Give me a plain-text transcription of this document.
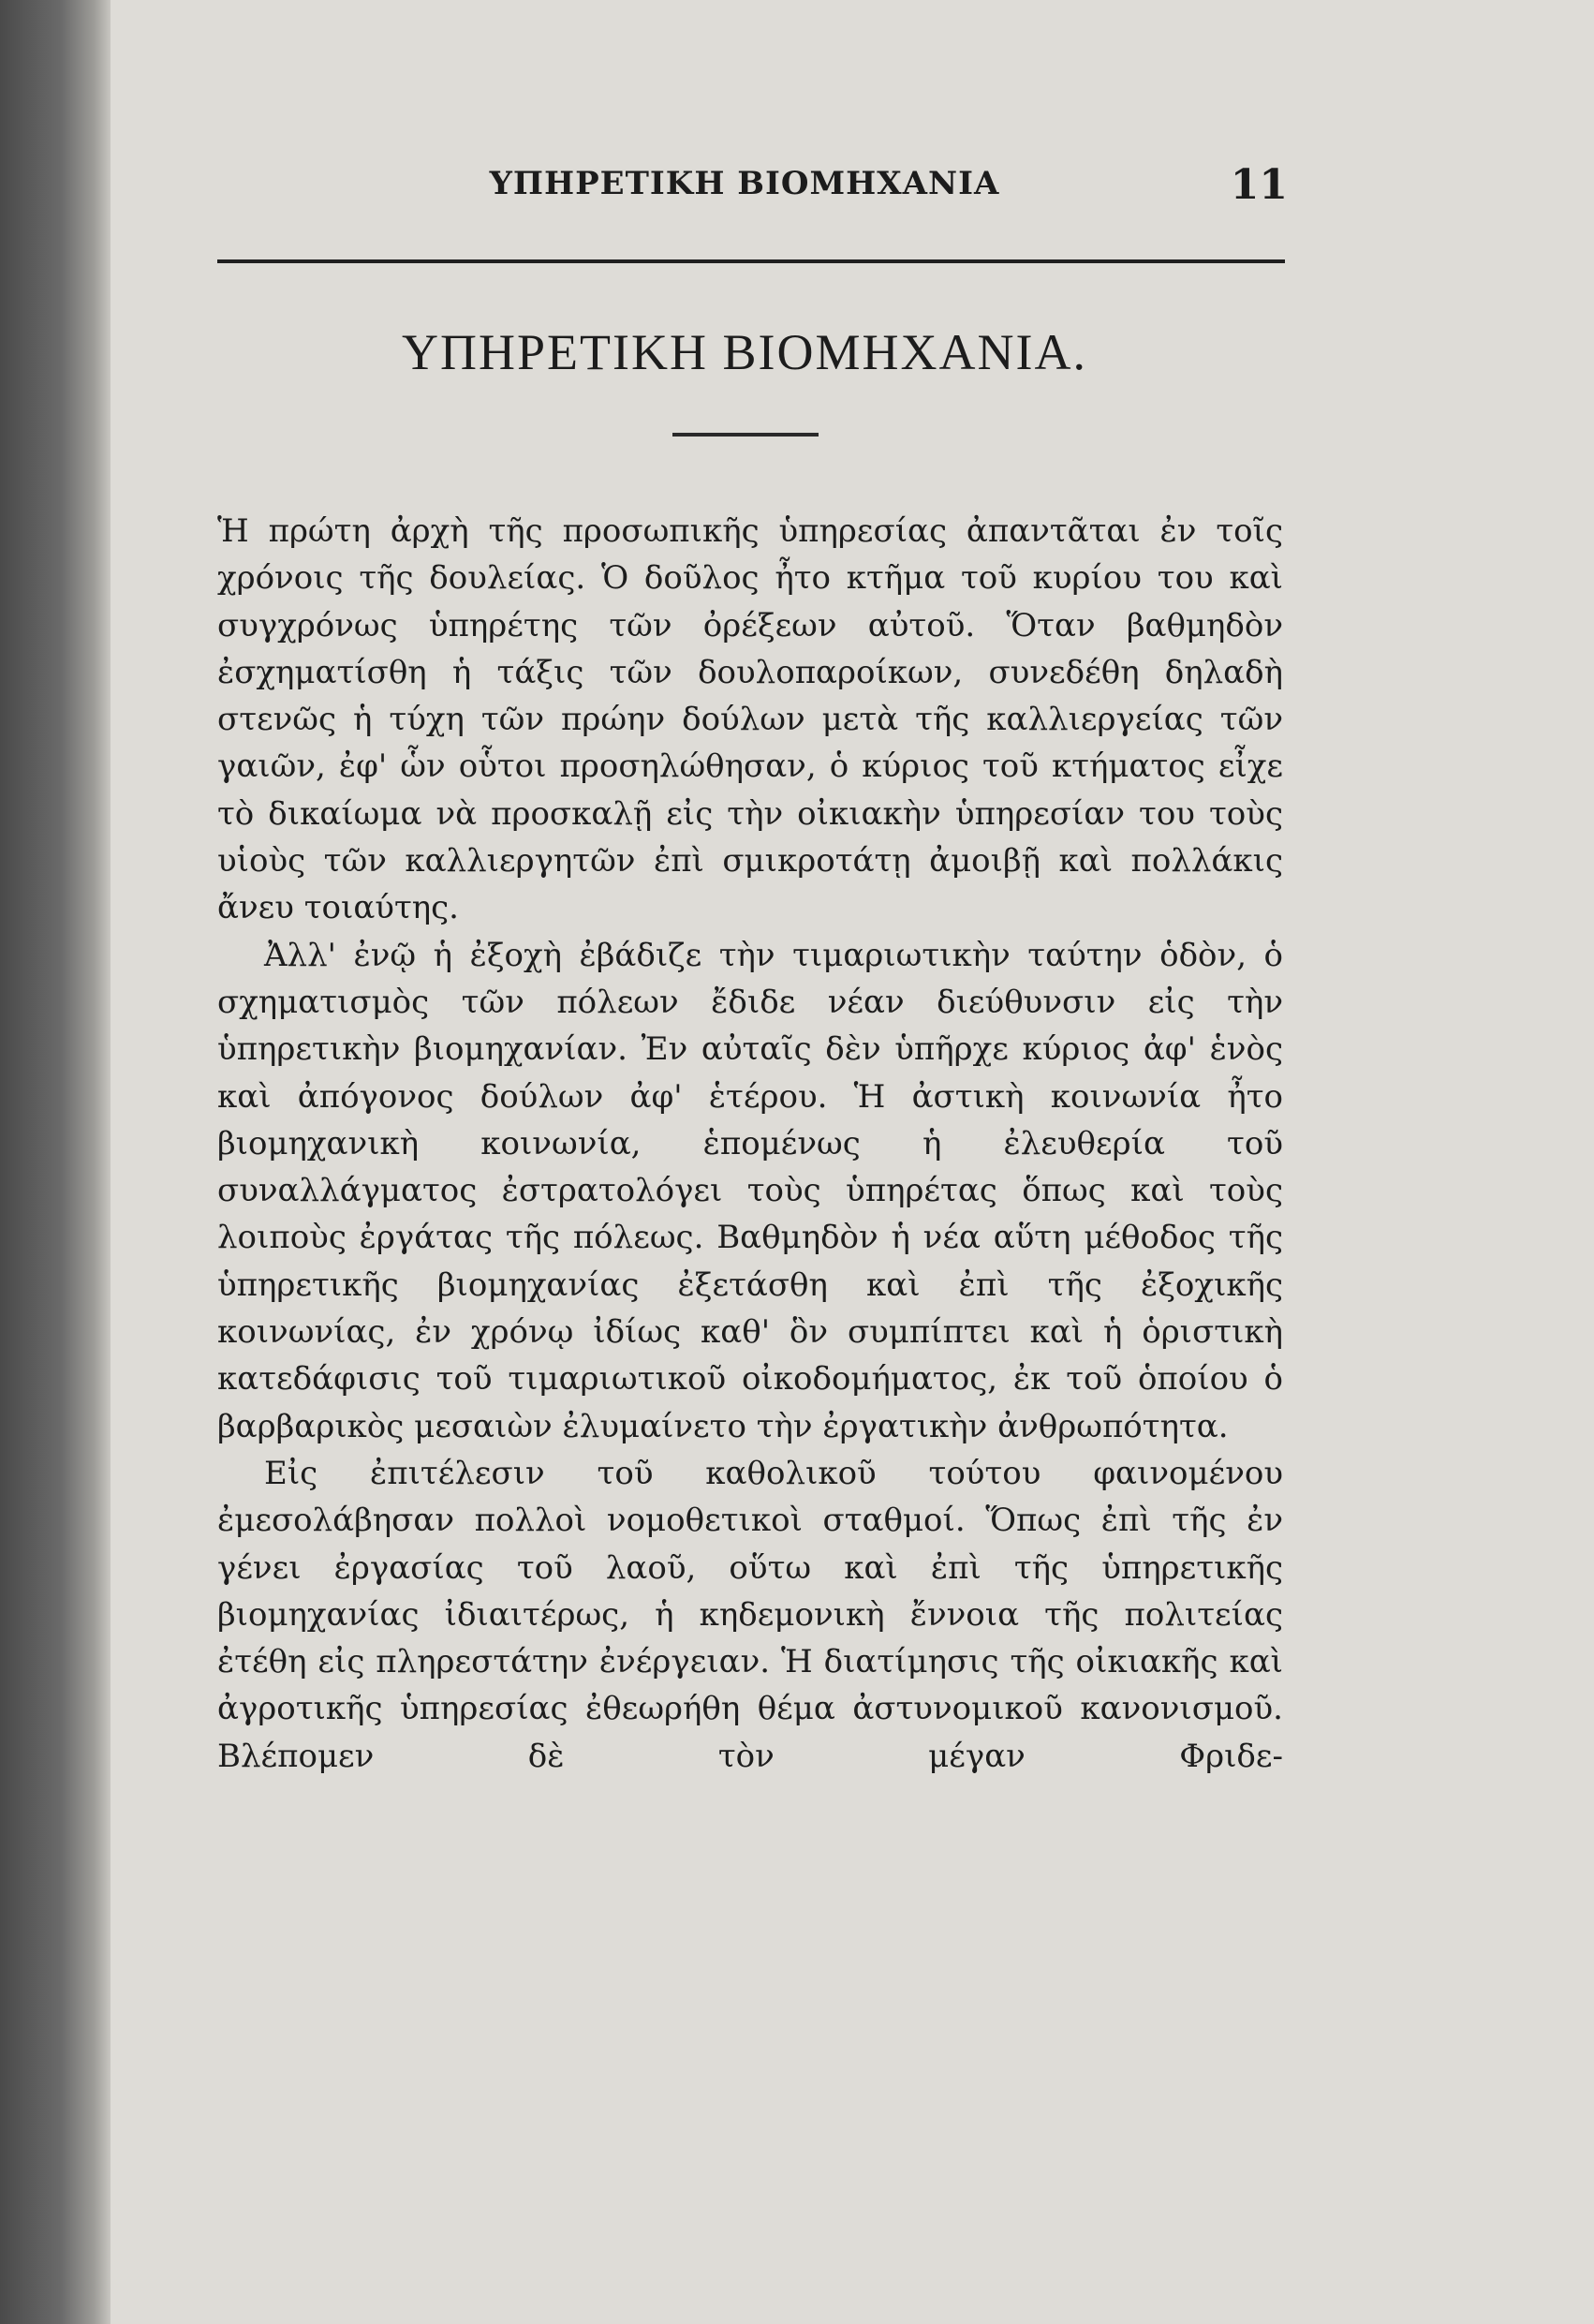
ΥΠΗΡΕΤΙΚΗ ΒΙΟΜΗΧΑΝΙΑ	11
ΥΠΗΡΕΤΙΚΗ ΒΙΟΜΗΧΑΝΙΑ.

Ἡ πρώτη ἀρχὴ τῆς προσωπικῆς ὑπηρεσίας ἀπαντᾶται ἐν τοῖς χρόνοις τῆς δουλείας. Ὁ δοῦλος ἦτο κτῆμα τοῦ κυρίου του καὶ συγχρόνως ὑπηρέτης τῶν ὀρέξεων αὐτοῦ. Ὅταν βαθμηδὸν ἐσχηματίσθη ἡ τάξις τῶν δουλοπαροίκων, συνεδέθη δηλαδὴ στενῶς ἡ τύχη τῶν πρώην δούλων μετὰ τῆς καλλιεργείας τῶν γαιῶν, ἐφ' ὧν οὗτοι προσηλώθησαν, ὁ κύριος τοῦ κτήματος εἶχε τὸ δικαίωμα νὰ προσκαλῇ εἰς τὴν οἰκιακὴν ὑπηρεσίαν του τοὺς υἱοὺς τῶν καλλιεργητῶν ἐπὶ σμικροτάτῃ ἀμοιβῇ καὶ πολλάκις ἄνευ τοιαύτης.

Ἀλλ' ἐνῷ ἡ ἐξοχὴ ἐβάδιζε τὴν τιμαριωτικὴν ταύτην ὁδὸν, ὁ σχηματισμὸς τῶν πόλεων ἔδιδε νέαν διεύθυνσιν εἰς τὴν ὑπηρετικὴν βιομηχανίαν. Ἐν αὐταῖς δὲν ὑπῆρχε κύριος ἀφ' ἑνὸς καὶ ἀπόγονος δούλων ἀφ' ἑτέρου. Ἡ ἀστικὴ κοινωνία ἦτο βιομηχανικὴ κοινωνία, ἑπομένως ἡ ἐλευθερία τοῦ συναλλάγματος ἐστρατολόγει τοὺς ὑπηρέτας ὅπως καὶ τοὺς λοιποὺς ἐργάτας τῆς πόλεως. Βαθμηδὸν ἡ νέα αὕτη μέθοδος τῆς ὑπηρετικῆς βιομηχανίας ἐξετάσθη καὶ ἐπὶ τῆς ἐξοχικῆς κοινωνίας, ἐν χρόνῳ ἰδίως καθ' ὃν συμπίπτει καὶ ἡ ὁριστικὴ κατεδάφισις τοῦ τιμαριωτικοῦ οἰκοδομήματος, ἐκ τοῦ ὁποίου ὁ βαρβαρικὸς μεσαιὼν ἐλυμαίνετο τὴν ἐργατικὴν ἀνθρωπότητα.

Εἰς ἐπιτέλεσιν τοῦ καθολικοῦ τούτου φαινομένου ἐμεσολάβησαν πολλοὶ νομοθετικοὶ σταθμοί. Ὅπως ἐπὶ τῆς ἐν γένει ἐργασίας τοῦ λαοῦ, οὕτω καὶ ἐπὶ τῆς ὑπηρετικῆς βιομηχανίας ἰδιαιτέρως, ἡ κηδεμονικὴ ἔννοια τῆς πολιτείας ἐτέθη εἰς πληρεστάτην ἐνέργειαν. Ἡ διατίμησις τῆς οἰκιακῆς καὶ ἀγροτικῆς ὑπηρεσίας ἐθεωρήθη θέμα ἀστυνομικοῦ κανονισμοῦ. Βλέπομεν δὲ τὸν μέγαν Φριδε-
